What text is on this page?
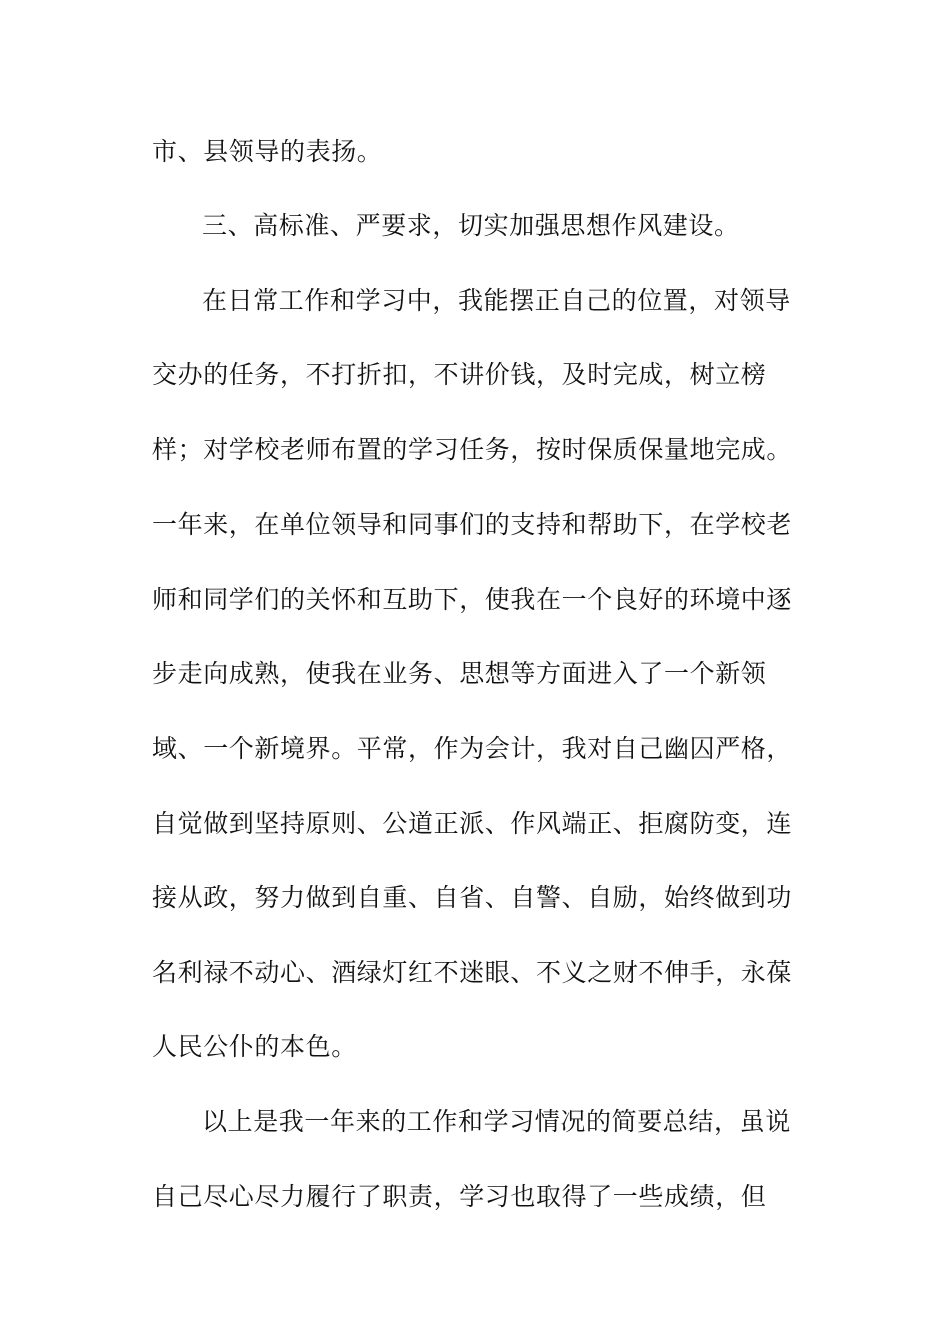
市、县领导的表扬。
三、高标准、严要求，切实加强思想作风建设。
在日常工作和学习中，我能摆正自己的位置，对领导
交办的任务，不打折扣，不讲价钱，及时完成，树立榜
样；对学校老师布置的学习任务，按时保质保量地完成。
一年来，在单位领导和同事们的支持和帮助下，在学校老
师和同学们的关怀和互助下，使我在一个良好的环境中逐
步走向成熟，使我在业务、思想等方面进入了一个新领
域、一个新境界。平常，作为会计，我对自己幽囚严格，
自觉做到坚持原则、公道正派、作风端正、拒腐防变，连
接从政，努力做到自重、自省、自警、自励，始终做到功
名利禄不动心、酒绿灯红不迷眼、不义之财不伸手，永葆
人民公仆的本色。
以上是我一年来的工作和学习情况的简要总结，虽说
自己尽心尽力履行了职责，学习也取得了一些成绩，但
